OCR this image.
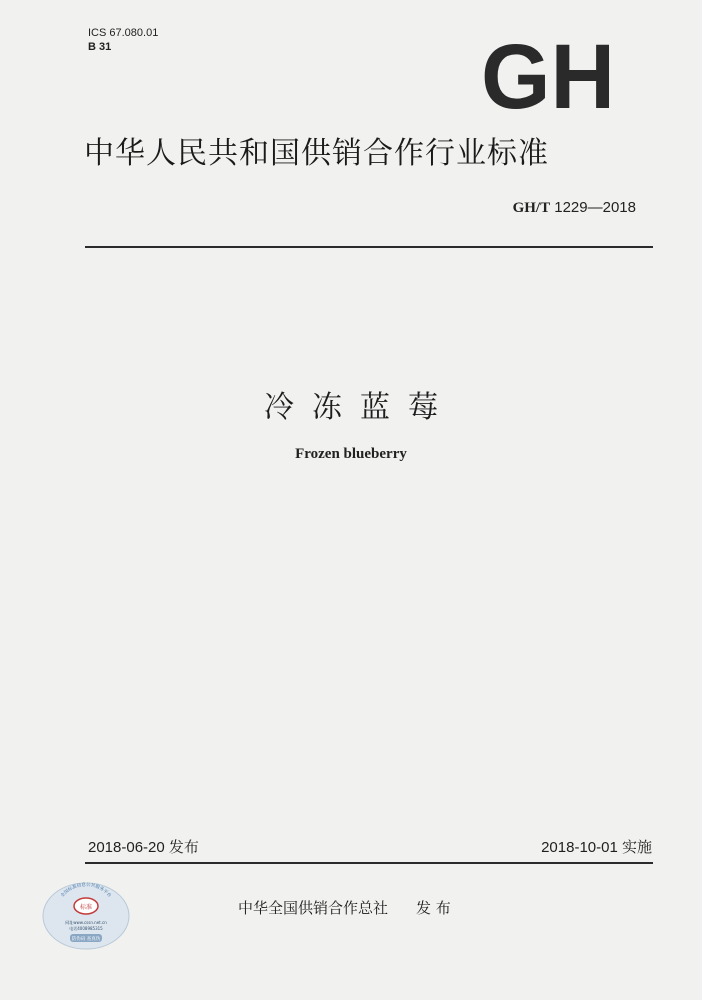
ICS 67.080.01
B 31	GH
中华人民共和国供销合作行业标准
GH/T 1229—2018
冷冻蓝莓
Frozen blueberry
2018-06-20 发布	2018-10-01 实施
中华全国供销合作总社 发 布
全国标准信息公共服务平台
标准
网址www.cssn.net.cn
电话4008985315
防伪码 查真伪
